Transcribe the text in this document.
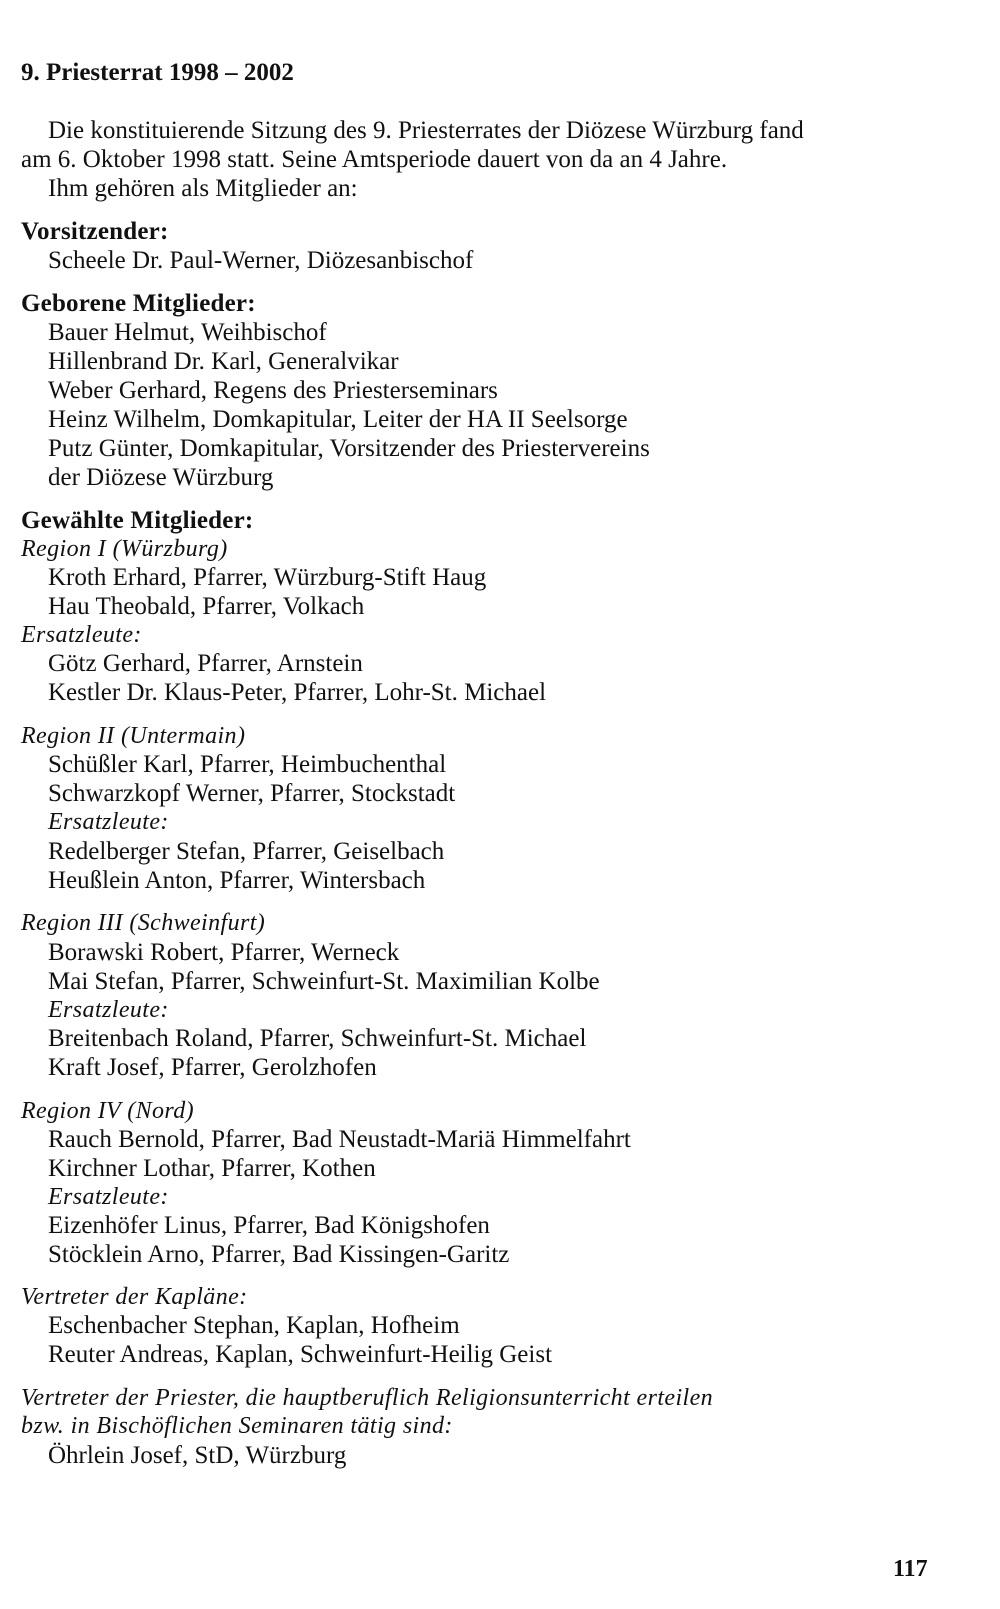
9. Priesterrat 1998 – 2002
Die konstituierende Sitzung des 9. Priesterrates der Diözese Würzburg fand
am 6. Oktober 1998 statt. Seine Amtsperiode dauert von da an 4 Jahre.
Ihm gehören als Mitglieder an:
Vorsitzender:
Scheele Dr. Paul-Werner, Diözesanbischof
Geborene Mitglieder:
Bauer Helmut, Weihbischof
Hillenbrand Dr. Karl, Generalvikar
Weber Gerhard, Regens des Priesterseminars
Heinz Wilhelm, Domkapitular, Leiter der HA II Seelsorge
Putz Günter, Domkapitular, Vorsitzender des Priestervereins
der Diözese Würzburg
Gewählte Mitglieder:
Region I (Würzburg)
Kroth Erhard, Pfarrer, Würzburg-Stift Haug
Hau Theobald, Pfarrer, Volkach
Ersatzleute:
Götz Gerhard, Pfarrer, Arnstein
Kestler Dr. Klaus-Peter, Pfarrer, Lohr-St. Michael
Region II (Untermain)
Schüßler Karl, Pfarrer, Heimbuchenthal
Schwarzkopf Werner, Pfarrer, Stockstadt
Ersatzleute:
Redelberger Stefan, Pfarrer, Geiselbach
Heußlein Anton, Pfarrer, Wintersbach
Region III (Schweinfurt)
Borawski Robert, Pfarrer, Werneck
Mai Stefan, Pfarrer, Schweinfurt-St. Maximilian Kolbe
Ersatzleute:
Breitenbach Roland, Pfarrer, Schweinfurt-St. Michael
Kraft Josef, Pfarrer, Gerolzhofen
Region IV (Nord)
Rauch Bernold, Pfarrer, Bad Neustadt-Mariä Himmelfahrt
Kirchner Lothar, Pfarrer, Kothen
Ersatzleute:
Eizenhöfer Linus, Pfarrer, Bad Königshofen
Stöcklein Arno, Pfarrer, Bad Kissingen-Garitz
Vertreter der Kapläne:
Eschenbacher Stephan, Kaplan, Hofheim
Reuter Andreas, Kaplan, Schweinfurt-Heilig Geist
Vertreter der Priester, die hauptberuflich Religionsunterricht erteilen
bzw. in Bischöflichen Seminaren tätig sind:
Öhrlein Josef, StD, Würzburg
117
